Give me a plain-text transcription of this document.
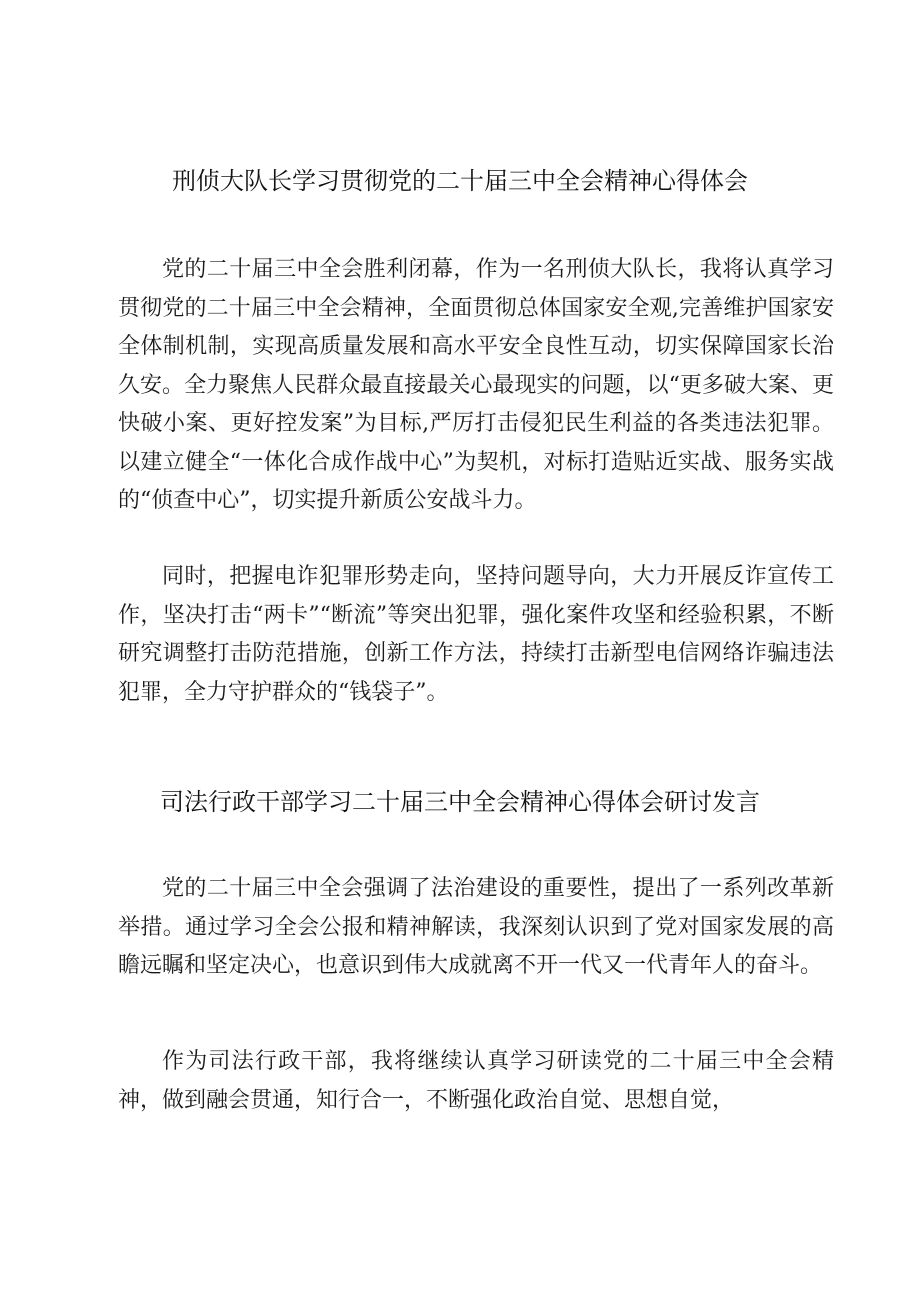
刑侦大队长学习贯彻党的二十届三中全会精神心得体会

党的二十届三中全会胜利闭幕，作为一名刑侦大队长，我将认真学习贯彻党的二十届三中全会精神，全面贯彻总体国家安全观,完善维护国家安全体制机制，实现高质量发展和高水平安全良性互动，切实保障国家长治久安。全力聚焦人民群众最直接最关心最现实的问题，以“更多破大案、更快破小案、更好控发案”为目标,严厉打击侵犯民生利益的各类违法犯罪。以建立健全“一体化合成作战中心”为契机，对标打造贴近实战、服务实战的“侦查中心”，切实提升新质公安战斗力。

同时，把握电诈犯罪形势走向，坚持问题导向，大力开展反诈宣传工作，坚决打击“两卡”“断流”等突出犯罪，强化案件攻坚和经验积累，不断研究调整打击防范措施，创新工作方法，持续打击新型电信网络诈骗违法犯罪，全力守护群众的“钱袋子”。

司法行政干部学习二十届三中全会精神心得体会研讨发言

党的二十届三中全会强调了法治建设的重要性，提出了一系列改革新举措。通过学习全会公报和精神解读，我深刻认识到了党对国家发展的高瞻远瞩和坚定决心，也意识到伟大成就离不开一代又一代青年人的奋斗。

作为司法行政干部，我将继续认真学习研读党的二十届三中全会精神，做到融会贯通，知行合一，不断强化政治自觉、思想自觉，
